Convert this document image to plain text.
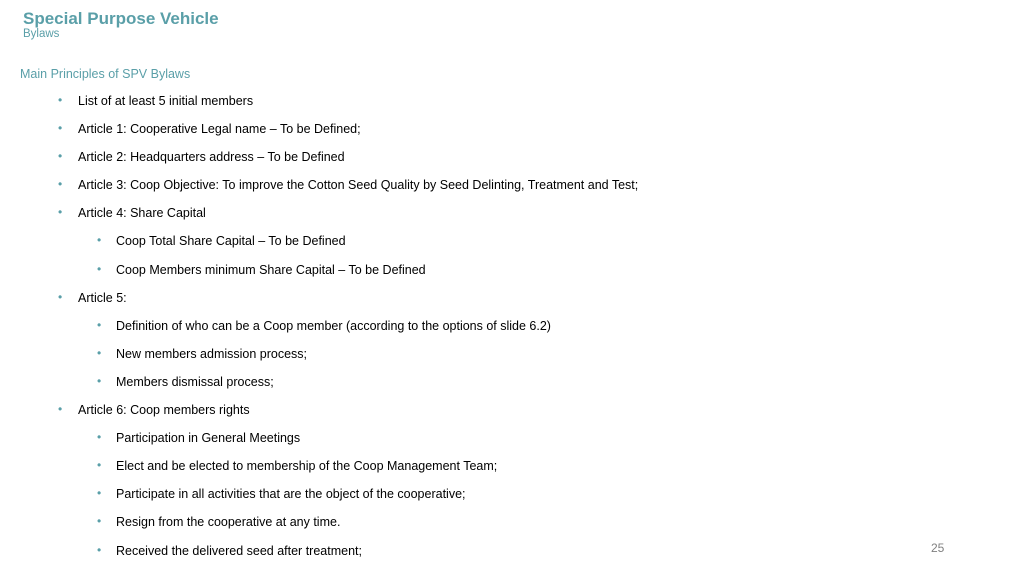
Special Purpose Vehicle
Bylaws
Main Principles of SPV Bylaws
• List of at least 5 initial members
• Article 1: Cooperative Legal name – To be Defined;
• Article 2: Headquarters address – To be Defined
• Article 3: Coop Objective: To improve the Cotton Seed Quality by Seed Delinting, Treatment and Test;
• Article 4: Share Capital
• Coop Total Share Capital – To be Defined
• Coop Members minimum Share Capital – To be Defined
• Article 5:
• Definition of who can be a Coop member (according to the options of slide 6.2)
• New members admission process;
• Members dismissal process;
• Article 6: Coop members rights
• Participation in General Meetings
• Elect and be elected to membership of the Coop Management Team;
• Participate in all activities that are the object of the cooperative;
• Resign from the cooperative at any time.
• Received the delivered seed after treatment;	25
